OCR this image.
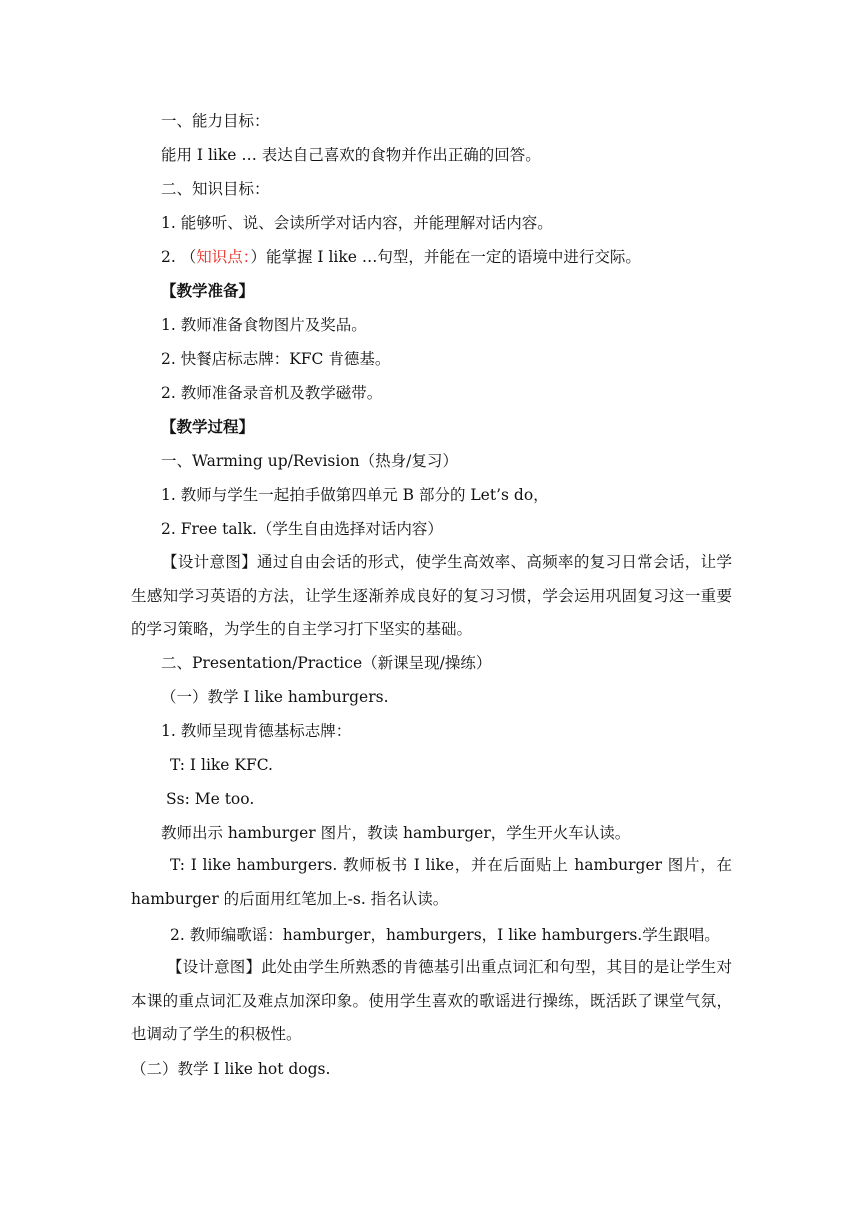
一、能力目标：
能用 I like … 表达自己喜欢的食物并作出正确的回答。
二、知识目标：
1. 能够听、说、会读所学对话内容，并能理解对话内容。
2. （知识点：）能掌握 I like …句型，并能在一定的语境中进行交际。
【教学准备】
1. 教师准备食物图片及奖品。
2. 快餐店标志牌：KFC 肯德基。
2. 教师准备录音机及教学磁带。
【教学过程】
一、Warming up/Revision（热身/复习）
1. 教师与学生一起拍手做第四单元 B 部分的 Let’s do，
2. Free talk.（学生自由选择对话内容）
【设计意图】通过自由会话的形式，使学生高效率、高频率的复习日常会话，让学生感知学习英语的方法，让学生逐渐养成良好的复习习惯，学会运用巩固复习这一重要的学习策略，为学生的自主学习打下坚实的基础。
二、Presentation/Practice（新课呈现/操练）
（一）教学 I like hamburgers.
1. 教师呈现肯德基标志牌：
T: I like KFC.
Ss: Me too.
教师出示 hamburger 图片，教读 hamburger，学生开火车认读。
T: I like hamburgers. 教师板书 I like，并在后面贴上 hamburger 图片，在 hamburger 的后面用红笔加上-s. 指名认读。
2. 教师编歌谣：hamburger，hamburgers，I like hamburgers.学生跟唱。
【设计意图】此处由学生所熟悉的肯德基引出重点词汇和句型，其目的是让学生对本课的重点词汇及难点加深印象。使用学生喜欢的歌谣进行操练，既活跃了课堂气氛，也调动了学生的积极性。
（二）教学 I like hot dogs.
